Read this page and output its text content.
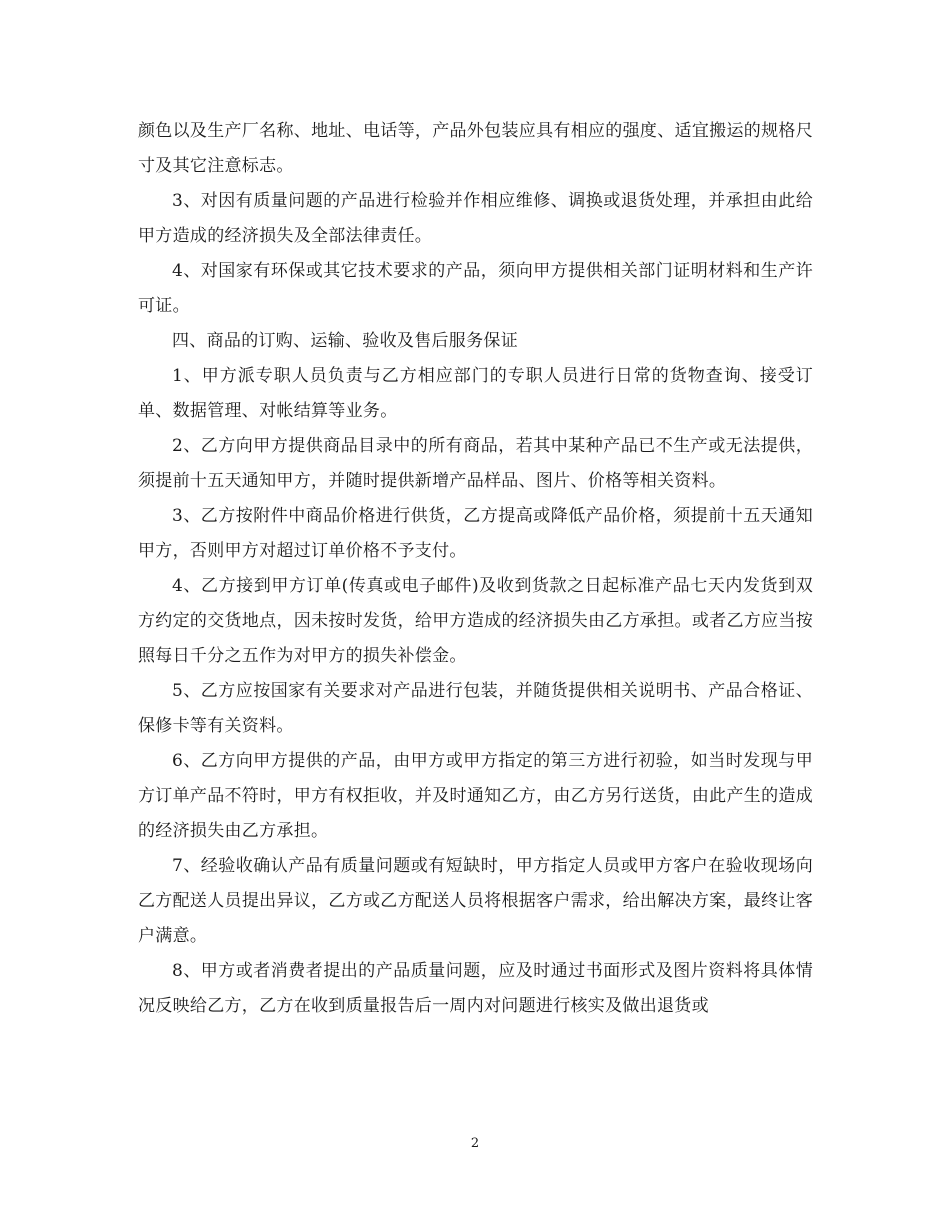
颜色以及生产厂名称、地址、电话等，产品外包装应具有相应的强度、适宜搬运的规格尺寸及其它注意标志。

3、对因有质量问题的产品进行检验并作相应维修、调换或退货处理，并承担由此给甲方造成的经济损失及全部法律责任。

4、对国家有环保或其它技术要求的产品，须向甲方提供相关部门证明材料和生产许可证。

四、商品的订购、运输、验收及售后服务保证

1、甲方派专职人员负责与乙方相应部门的专职人员进行日常的货物查询、接受订单、数据管理、对帐结算等业务。

2、乙方向甲方提供商品目录中的所有商品，若其中某种产品已不生产或无法提供，须提前十五天通知甲方，并随时提供新增产品样品、图片、价格等相关资料。

3、乙方按附件中商品价格进行供货，乙方提高或降低产品价格，须提前十五天通知甲方，否则甲方对超过订单价格不予支付。

4、乙方接到甲方订单(传真或电子邮件)及收到货款之日起标准产品七天内发货到双方约定的交货地点，因未按时发货，给甲方造成的经济损失由乙方承担。或者乙方应当按照每日千分之五作为对甲方的损失补偿金。

5、乙方应按国家有关要求对产品进行包装，并随货提供相关说明书、产品合格证、保修卡等有关资料。

6、乙方向甲方提供的产品，由甲方或甲方指定的第三方进行初验，如当时发现与甲方订单产品不符时，甲方有权拒收，并及时通知乙方，由乙方另行送货，由此产生的造成的经济损失由乙方承担。

7、经验收确认产品有质量问题或有短缺时，甲方指定人员或甲方客户在验收现场向乙方配送人员提出异议，乙方或乙方配送人员将根据客户需求，给出解决方案，最终让客户满意。

8、甲方或者消费者提出的产品质量问题，应及时通过书面形式及图片资料将具体情况反映给乙方，乙方在收到质量报告后一周内对问题进行核实及做出退货或

2
